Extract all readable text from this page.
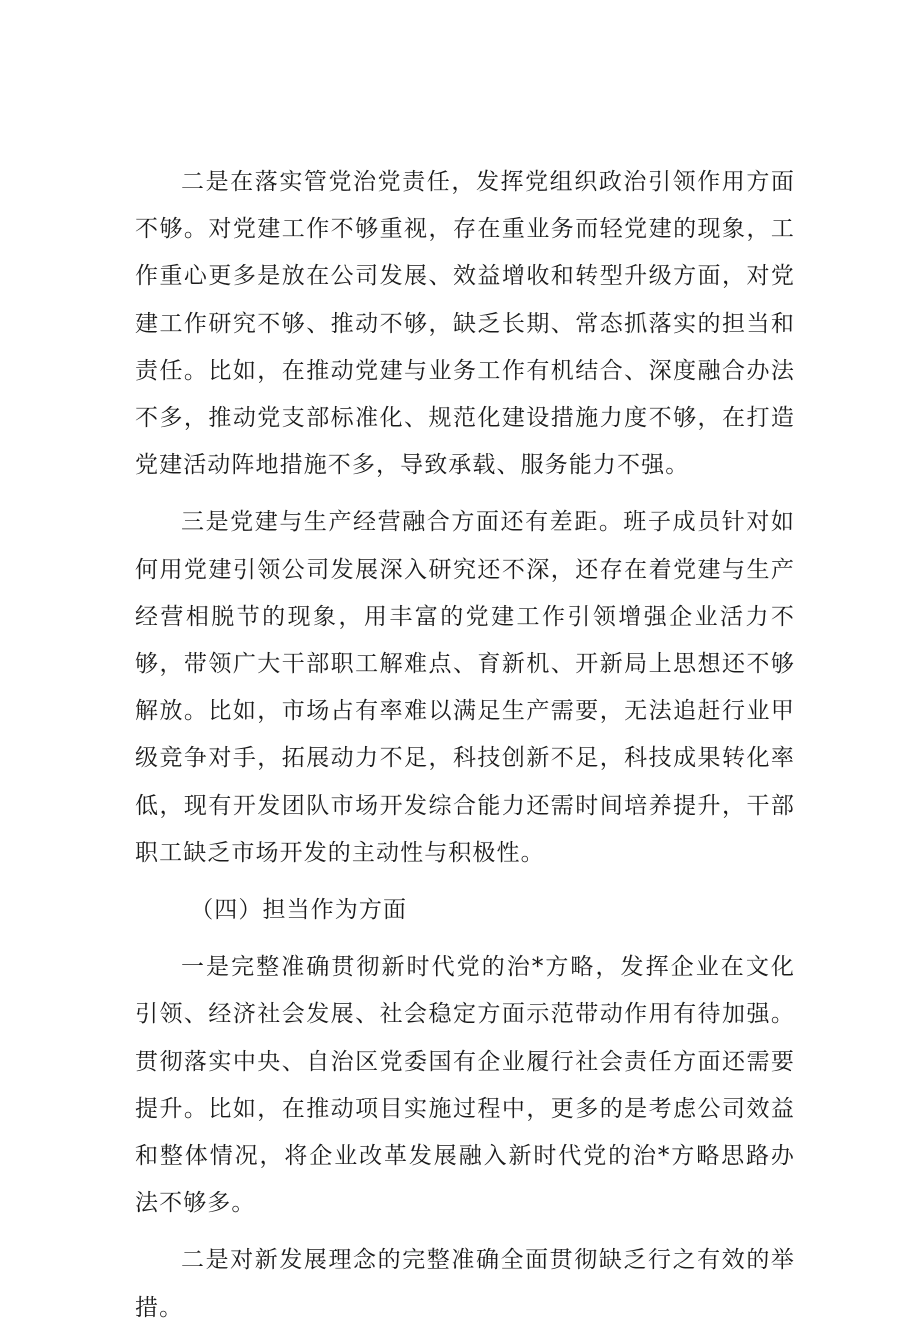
二是在落实管党治党责任，发挥党组织政治引领作用方面不够。对党建工作不够重视，存在重业务而轻党建的现象，工作重心更多是放在公司发展、效益增收和转型升级方面，对党建工作研究不够、推动不够，缺乏长期、常态抓落实的担当和责任。比如，在推动党建与业务工作有机结合、深度融合办法不多，推动党支部标准化、规范化建设措施力度不够，在打造党建活动阵地措施不多，导致承载、服务能力不强。

三是党建与生产经营融合方面还有差距。班子成员针对如何用党建引领公司发展深入研究还不深，还存在着党建与生产经营相脱节的现象，用丰富的党建工作引领增强企业活力不够，带领广大干部职工解难点、育新机、开新局上思想还不够解放。比如，市场占有率难以满足生产需要，无法追赶行业甲级竞争对手，拓展动力不足，科技创新不足，科技成果转化率低，现有开发团队市场开发综合能力还需时间培养提升，干部职工缺乏市场开发的主动性与积极性。

（四）担当作为方面

一是完整准确贯彻新时代党的治*方略，发挥企业在文化引领、经济社会发展、社会稳定方面示范带动作用有待加强。贯彻落实中央、自治区党委国有企业履行社会责任方面还需要提升。比如，在推动项目实施过程中，更多的是考虑公司效益和整体情况，将企业改革发展融入新时代党的治*方略思路办法不够多。

二是对新发展理念的完整准确全面贯彻缺乏行之有效的举措。
